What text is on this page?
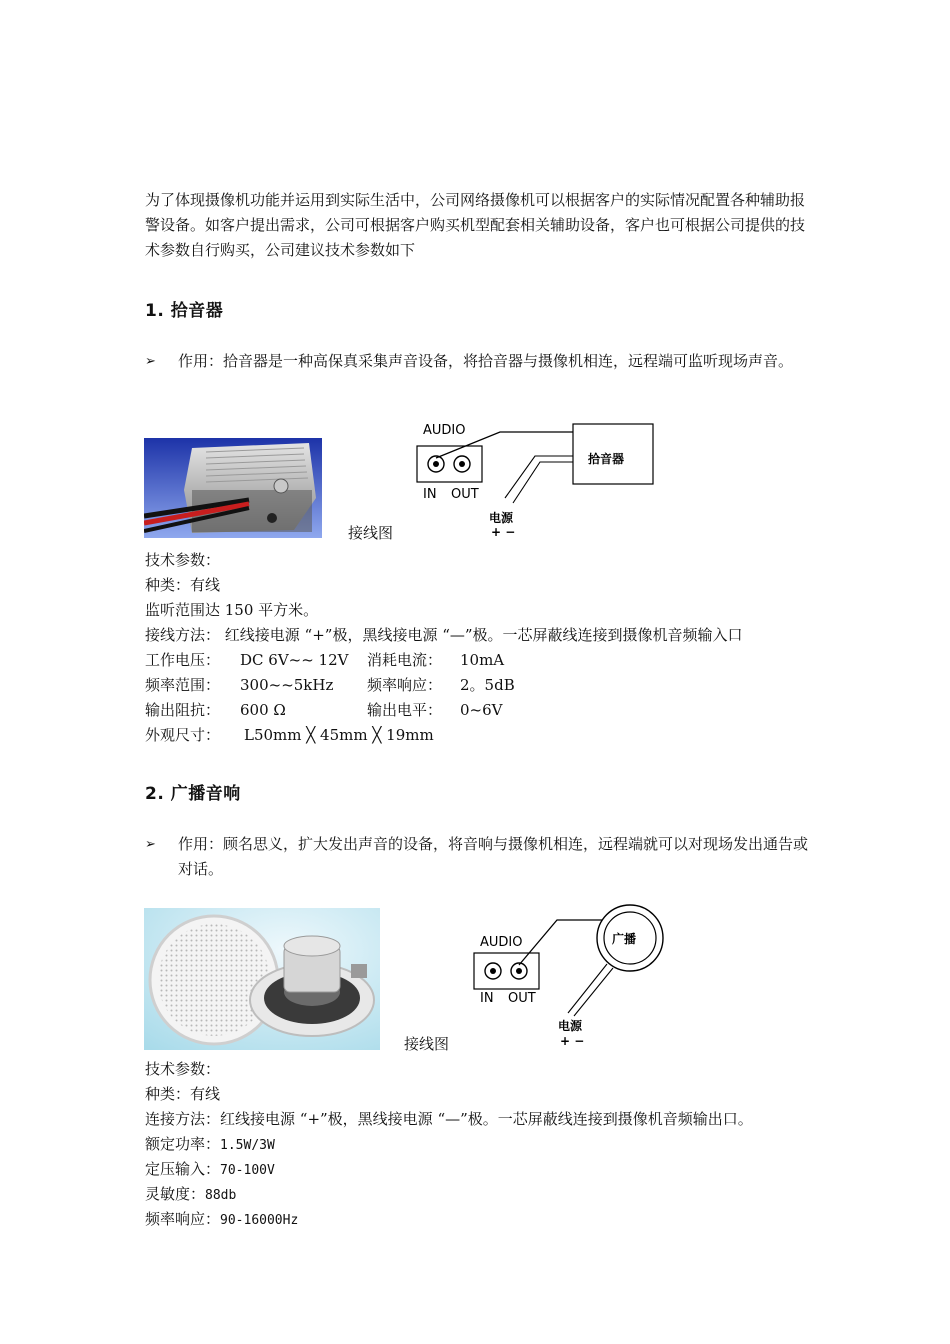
为了体现摄像机功能并运用到实际生活中，公司网络摄像机可以根据客户的实际情况配置各种辅助报警设备。如客户提出需求，公司可根据客户购买机型配套相关辅助设备，客户也可根据公司提供的技术参数自行购买，公司建议技术参数如下
1. 拾音器
➢ 作用：拾音器是一种高保真采集声音设备，将拾音器与摄像机相连，远程端可监听现场声音。
接线图
AUDIO
IN OUT
拾音器
电源
+ −
技术参数：
种类：有线
监听范围达 150 平方米。
接线方法： 红线接电源 “+”极，黑线接电源 “—”极。一芯屏蔽线连接到摄像机音频输入口
工作电压： DC 6V~~ 12V 消耗电流： 10mA
频率范围： 300~~5kHz 频率响应： 2。5dB
输出阻抗： 600 Ω	输出电平： 0~6V
外观尺寸： L50mm ╳ 45mm ╳ 19mm
2. 广播音响
➢ 作用：顾名思义，扩大发出声音的设备，将音响与摄像机相连，远程端就可以对现场发出通告或对话。
接线图
AUDIO
IN OUT
广播
电源
+ −
技术参数：
种类：有线
连接方法：红线接电源 “+”极，黑线接电源 “—”极。一芯屏蔽线连接到摄像机音频输出口。
额定功率：1.5W/3W
定压输入：70-100V
灵敏度：88db
频率响应：90-16000Hz
